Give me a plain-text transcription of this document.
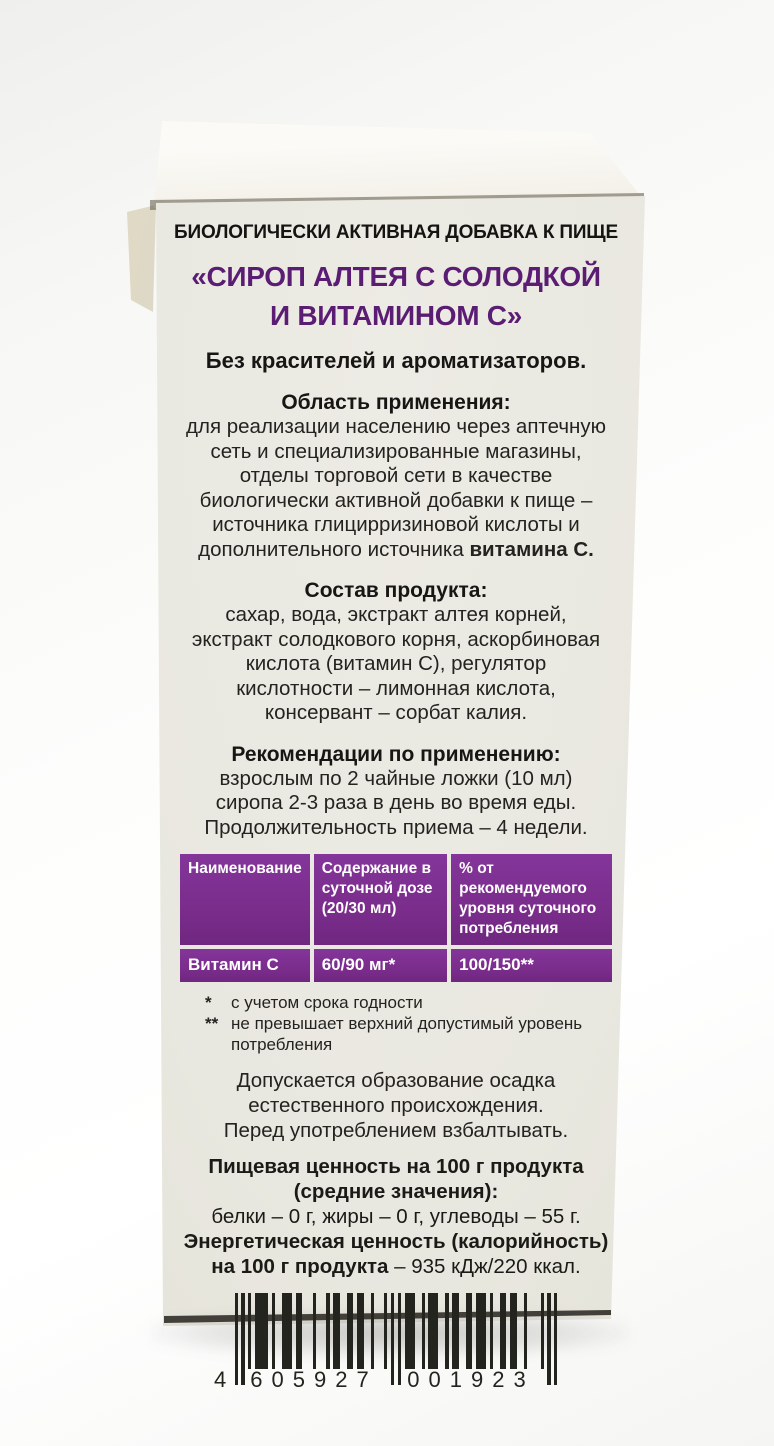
БИОЛОГИЧЕСКИ АКТИВНАЯ ДОБАВКА К ПИЩЕ
«СИРОП АЛТЕЯ С СОЛОДКОЙ
И ВИТАМИНОМ С»
Без красителей и ароматизаторов.
Область применения:
для реализации населению через аптечную
сеть и специализированные магазины,
отделы торговой сети в качестве
биологически активной добавки к пище –
источника глицирризиновой кислоты и
дополнительного источника витамина С.
Состав продукта:
сахар, вода, экстракт алтея корней,
экстракт солодкового корня, аскорбиновая
кислота (витамин С), регулятор
кислотности – лимонная кислота,
консервант – сорбат калия.
Рекомендации по применению:
взрослым по 2 чайные ложки (10 мл)
сиропа 2-3 раза в день во время еды.
Продолжительность приема – 4 недели.
Наименование	Содержание в суточной дозе (20/30 мл)	% от рекомендуемого уровня суточного потребления
Витамин С	60/90 мг*	100/150**
*	с учетом срока годности
** не превышает верхний допустимый уровень потребления
Допускается образование осадка
естественного происхождения.
Перед употреблением взбалтывать.
Пищевая ценность на 100 г продукта
(средние значения):
белки – 0 г, жиры – 0 г, углеводы – 55 г.
Энергетическая ценность (калорийность)
на 100 г продукта – 935 кДж/220 ккал.
4	605927	001923
